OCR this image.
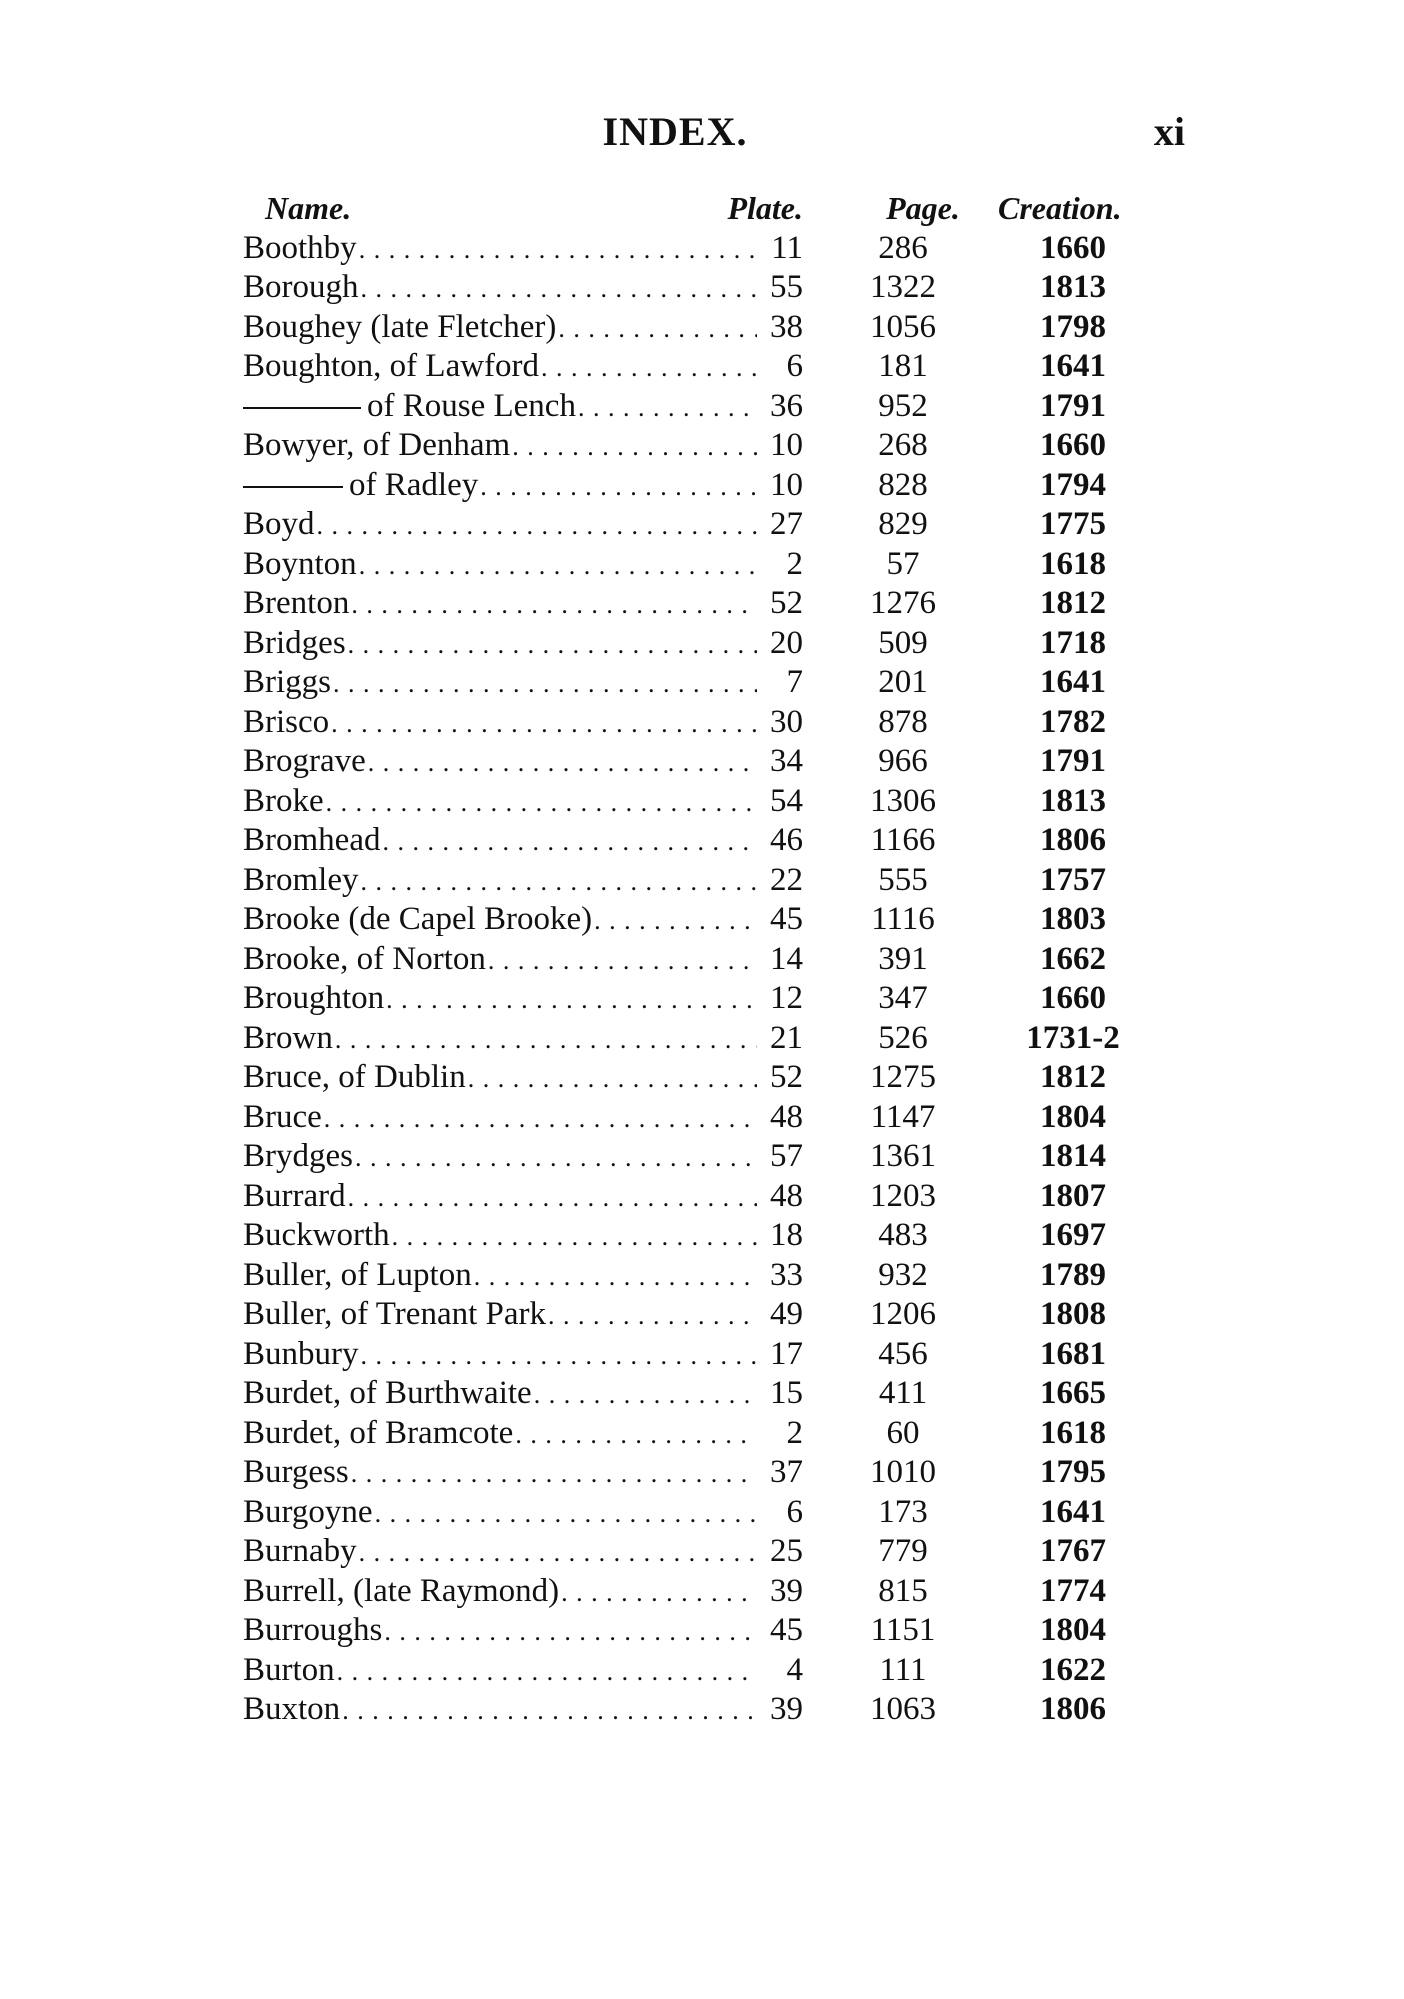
INDEX.	xi
Name.	Plate.	Page.	Creation.
Boothby . . .	11	286	1660
Borough . . .	55	1322	1813
Boughey (late Fletcher) . . .	38	1056	1798
Boughton, of Lawford . . .	6	181	1641
of Rouse Lench . . .	36	952	1791
Bowyer, of Denham . . .	10	268	1660
of Radley . . .	10	828	1794
Boyd . . .	27	829	1775
Boynton . . .	2	57	1618
Brenton . . .	52	1276	1812
Bridges . . .	20	509	1718
Briggs . . .	7	201	1641
Brisco . . .	30	878	1782
Brograve . . .	34	966	1791
Broke . . .	54	1306	1813
Bromhead . . .	46	1166	1806
Bromley . . .	22	555	1757
Brooke (de Capel Brooke) . . .	45	1116	1803
Brooke, of Norton . . .	14	391	1662
Broughton . . .	12	347	1660
Brown . . .	21	526	1731-2
Bruce, of Dublin . . .	52	1275	1812
Bruce . . .	48	1147	1804
Brydges . . .	57	1361	1814
Burrard . . .	48	1203	1807
Buckworth . . .	18	483	1697
Buller, of Lupton . . .	33	932	1789
Buller, of Trenant Park . . .	49	1206	1808
Bunbury . . .	17	456	1681
Burdet, of Burthwaite . . .	15	411	1665
Burdet, of Bramcote . . .	2	60	1618
Burgess . . .	37	1010	1795
Burgoyne . . .	6	173	1641
Burnaby . . .	25	779	1767
Burrell, (late Raymond) . . .	39	815	1774
Burroughs . . .	45	1151	1804
Burton . . .	4	111	1622
Buxton . . .	39	1063	1806
